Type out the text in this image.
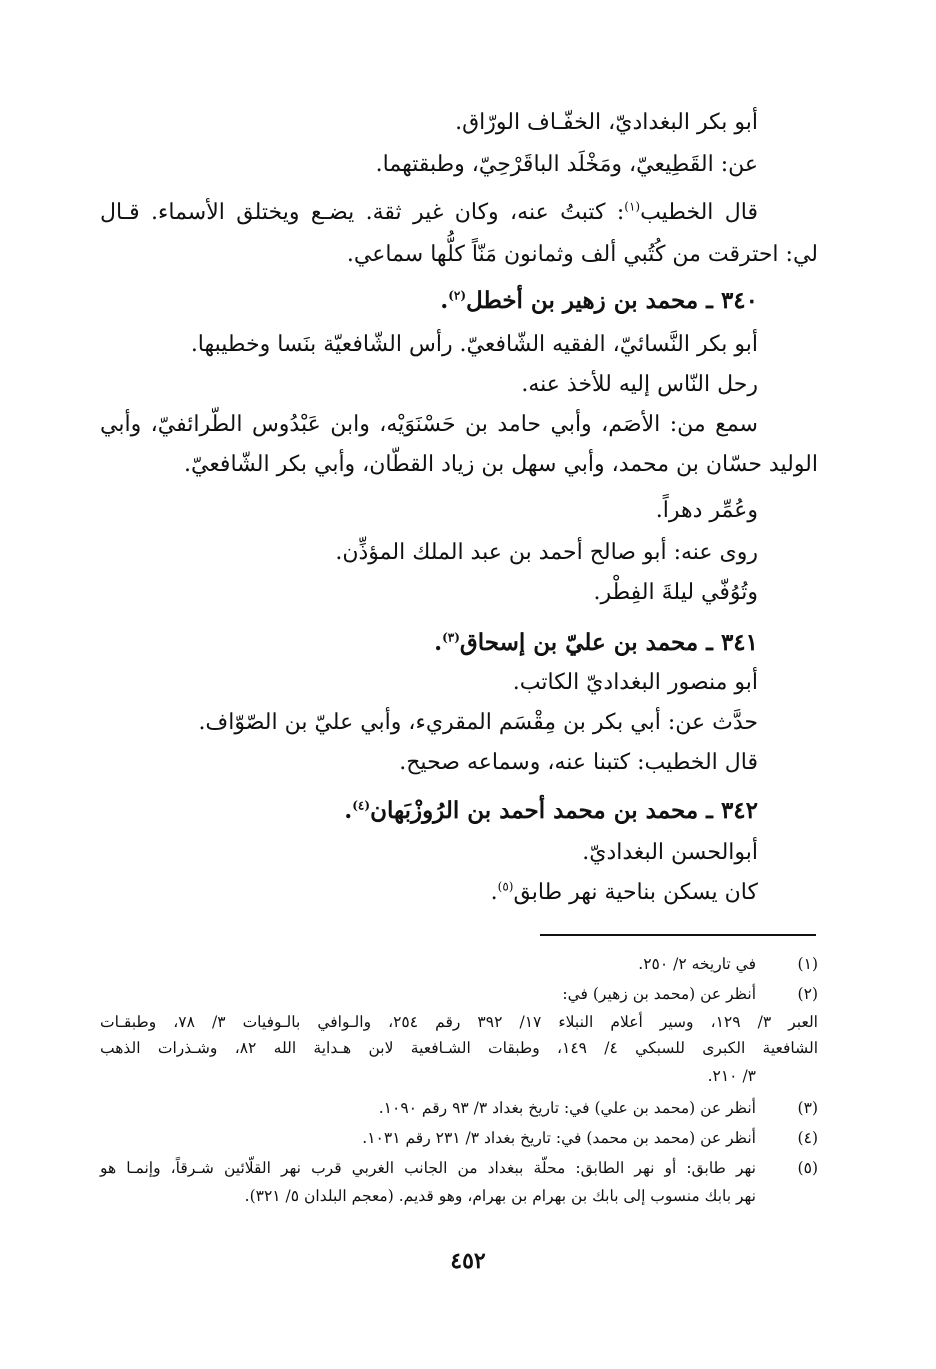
أبو بكر البغداديّ، الخفّـاف الورّاق.
عن: القَطِيعيّ، ومَخْلَد الباقَرْحِيّ، وطبقتهما.
قال الخطيب$^{(١)}$: كتبتُ عنه، وكان غير ثقة. يضـع ويختلق الأسماء. قـال
لي: احترقت من كُتُبي ألف وثمانون مَنّاً كلُّها سماعي.
٣٤٠ ـ محمد بن زهير بن أخطل$^{(٢)}$.
أبو بكر النَّسائيّ، الفقيه الشّافعيّ. رأس الشّافعيّة بنَسا وخطيبها.
رحل النّاس إليه للأخذ عنه.
سمع من: الأصَم، وأبي حامد بن حَسْنَوَيْه، وابن عَبْدُوس الطّرائفيّ، وأبي
الوليد حسّان بن محمد، وأبي سهل بن زياد القطّان، وأبي بكر الشّافعيّ.
وعُمِّر دهراً.
روى عنه: أبو صالح أحمد بن عبد الملك المؤذِّن.
وتُوُفّي ليلةَ الفِطْر.
٣٤١ ـ محمد بن عليّ بن إسحاق$^{(٣)}$.
أبو منصور البغداديّ الكاتب.
حدَّث عن: أبي بكر بن مِقْسَم المقريء، وأبي عليّ بن الصّوّاف.
قال الخطيب: كتبنا عنه، وسماعه صحيح.
٣٤٢ ـ محمد بن محمد أحمد بن الرُوزْبَهان$^{(٤)}$.
أبوالحسن البغداديّ.
كان يسكن بناحية نهر طابق$^{(٥)}$.
(١)
في تاريخه ٢/ ٢٥٠.
(٢)
أنظر عن (محمد بن زهير) في:
العبر ٣/ ١٢٩، وسير أعلام النبلاء ١٧/ ٣٩٢ رقم ٢٥٤، والـوافي بالـوفيات ٣/ ٧٨، وطبقـات
الشافعية الكبرى للسبكي ٤/ ١٤٩، وطبقات الشـافعية لابن هـداية الله ٨٢، وشـذرات الذهب
٣/ ٢١٠.
(٣)
أنظر عن (محمد بن علي) في: تاريخ بغداد ٣/ ٩٣ رقم ١٠٩٠.
(٤)
أنظر عن (محمد بن محمد) في: تاريخ بغداد ٣/ ٢٣١ رقم ١٠٣١.
(٥)
نهر طابق: أو نهر الطابق: محلّة ببغداد من الجانب الغربي قرب نهر القلّائين شـرقاً، وإنمـا هو
نهر بابك منسوب إلى بابك بن بهرام بن بهرام، وهو قديم. (معجم البلدان ٥/ ٣٢١).
٤٥٢
